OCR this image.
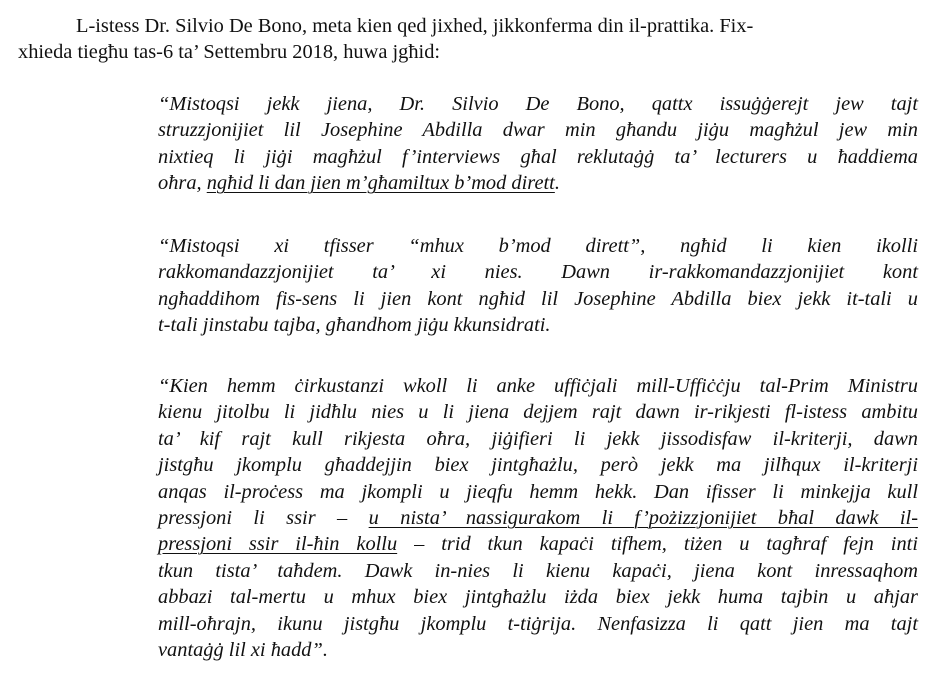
L-istess Dr. Silvio De Bono, meta kien qed jixhed, jikkonferma din il-prattika. Fix-
xhieda tiegħu tas-6 ta’ Settembru 2018, huwa jgħid:
“Mistoqsi jekk jiena, Dr. Silvio De Bono, qattx issuġġerejt jew tajt
struzzjonijiet lil Josephine Abdilla dwar min għandu jiġu magħżul jew min
nixtieq li jiġi magħżul f’interviews għal reklutaġġ ta’ lecturers u ħaddiema
oħra, ngħid li dan jien m’għamiltux b’mod dirett.
“Mistoqsi xi tfisser “mhux b’mod dirett”, ngħid li kien ikolli
rakkomandazzjonijiet ta’ xi nies. Dawn ir-rakkomandazzjonijiet kont
ngħaddihom fis-sens li jien kont ngħid lil Josephine Abdilla biex jekk it-tali u
t-tali jinstabu tajba, għandhom jiġu kkunsidrati.
“Kien hemm ċirkustanzi wkoll li anke uffiċjali mill-Uffiċċju tal-Prim Ministru
kienu jitolbu li jidħlu nies u li jiena dejjem rajt dawn ir-rikjesti fl-istess ambitu
ta’ kif rajt kull rikjesta oħra, jiġifieri li jekk jissodisfaw il-kriterji, dawn
jistgħu jkomplu għaddejjin biex jintgħażlu, però jekk ma jilħqux il-kriterji
anqas il-proċess ma jkompli u jieqfu hemm hekk. Dan ifisser li minkejja kull
pressjoni li ssir – u nista’ nassigurakom li f’pożizzjonijiet bħal dawk il-
pressjoni ssir il-ħin kollu – trid tkun kapaċi tifhem, tiżen u tagħraf fejn inti
tkun tista’ taħdem. Dawk in-nies li kienu kapaċi, jiena kont inressaqhom
abbazi tal-mertu u mhux biex jintgħażlu iżda biex jekk huma tajbin u aħjar
mill-oħrajn, ikunu jistgħu jkomplu t-tiġrija. Nenfasizza li qatt jien ma tajt
vantaġġ lil xi ħadd”.
